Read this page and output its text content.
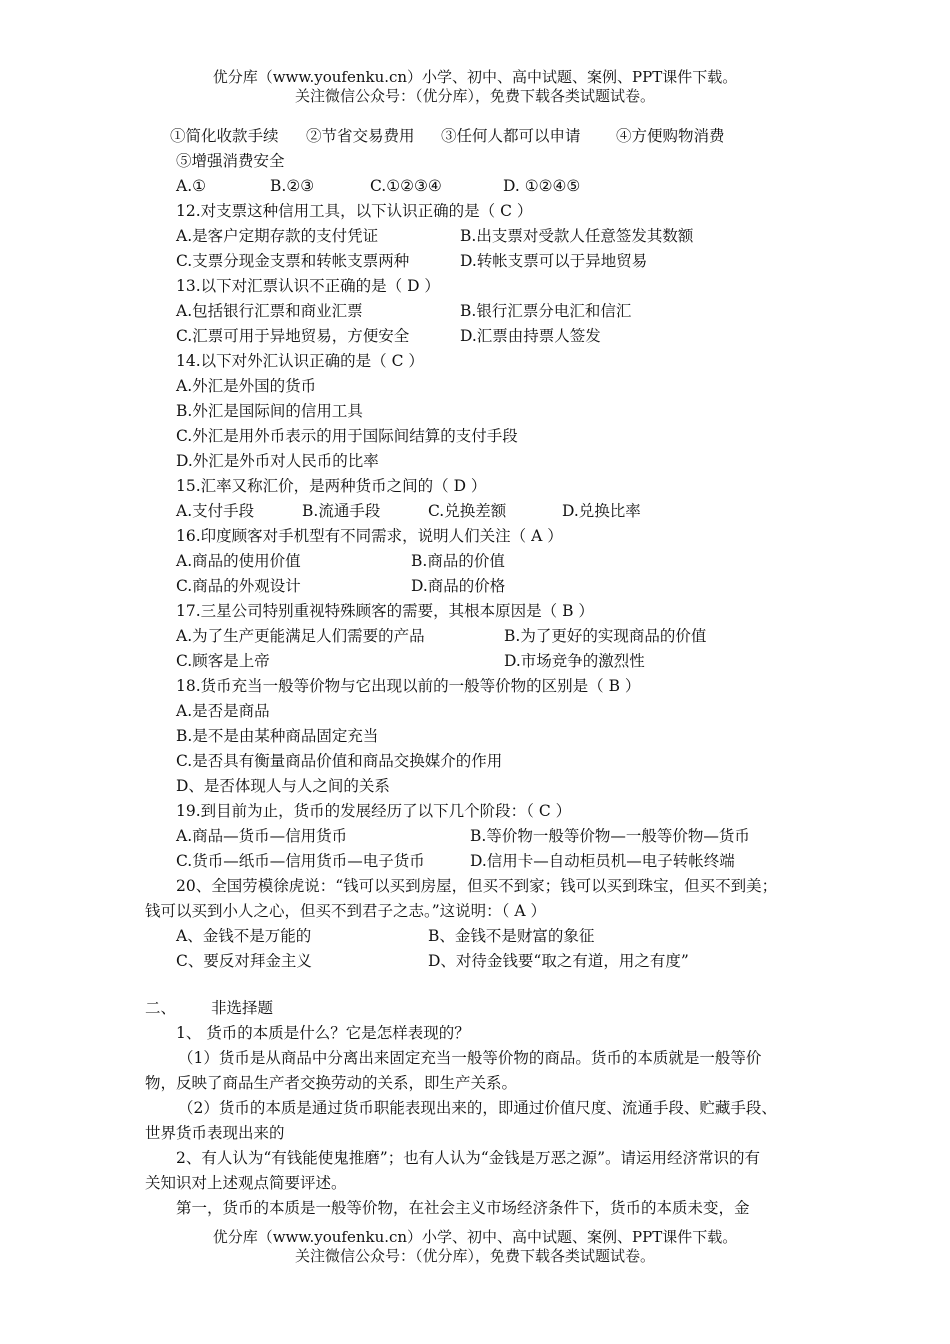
优分库（www.youfenku.cn）小学、初中、高中试题、案例、PPT课件下载。
关注微信公众号：（优分库），免费下载各类试题试卷。
①简化收款手续 ②节省交易费用 ③任何人都可以申请 ④方便购物消费
⑤增强消费安全
A.①	B.②③	C.①②③④	D. ①②④⑤
12.对支票这种信用工具，以下认识正确的是（ C ）
A.是客户定期存款的支付凭证	B.出支票对受款人任意签发其数额
C.支票分现金支票和转帐支票两种	D.转帐支票可以于异地贸易
13.以下对汇票认识不正确的是（ D ）
A.包括银行汇票和商业汇票	B.银行汇票分电汇和信汇
C.汇票可用于异地贸易，方便安全	D.汇票由持票人签发
14.以下对外汇认识正确的是（ C ）
A.外汇是外国的货币
B.外汇是国际间的信用工具
C.外汇是用外币表示的用于国际间结算的支付手段
D.外汇是外币对人民币的比率
15.汇率又称汇价，是两种货币之间的（ D ）
A.支付手段	B.流通手段	C.兑换差额	D.兑换比率
16.印度顾客对手机型有不同需求，说明人们关注（ A ）
A.商品的使用价值	B.商品的价值
C.商品的外观设计	D.商品的价格
17.三星公司特别重视特殊顾客的需要，其根本原因是（ B ）
A.为了生产更能满足人们需要的产品	B.为了更好的实现商品的价值
C.顾客是上帝	D.市场竞争的激烈性
18.货币充当一般等价物与它出现以前的一般等价物的区别是（ B ）
A.是否是商品
B.是不是由某种商品固定充当
C.是否具有衡量商品价值和商品交换媒介的作用
D、是否体现人与人之间的关系
19.到目前为止，货币的发展经历了以下几个阶段：（ C ）
A.商品—货币—信用货币	B.等价物一般等价物—一般等价物—货币
C.货币—纸币—信用货币—电子货币	D.信用卡—自动柜员机—电子转帐终端
20、全国劳模徐虎说：“钱可以买到房屋，但买不到家；钱可以买到珠宝，但买不到美；
钱可以买到小人之心，但买不到君子之志。”这说明：（ A ）
A、金钱不是万能的	B、金钱不是财富的象征
C、要反对拜金主义	D、对待金钱要“取之有道，用之有度”
二、 非选择题
1、 货币的本质是什么？它是怎样表现的？
（1）货币是从商品中分离出来固定充当一般等价物的商品。货币的本质就是一般等价
物，反映了商品生产者交换劳动的关系，即生产关系。
（2）货币的本质是通过货币职能表现出来的，即通过价值尺度、流通手段、贮藏手段、
世界货币表现出来的
2、有人认为“有钱能使鬼推磨”；也有人认为“金钱是万恶之源”。请运用经济常识的有
关知识对上述观点简要评述。
第一，货币的本质是一般等价物，在社会主义市场经济条件下，货币的本质未变，金
优分库（www.youfenku.cn）小学、初中、高中试题、案例、PPT课件下载。
关注微信公众号：（优分库），免费下载各类试题试卷。
